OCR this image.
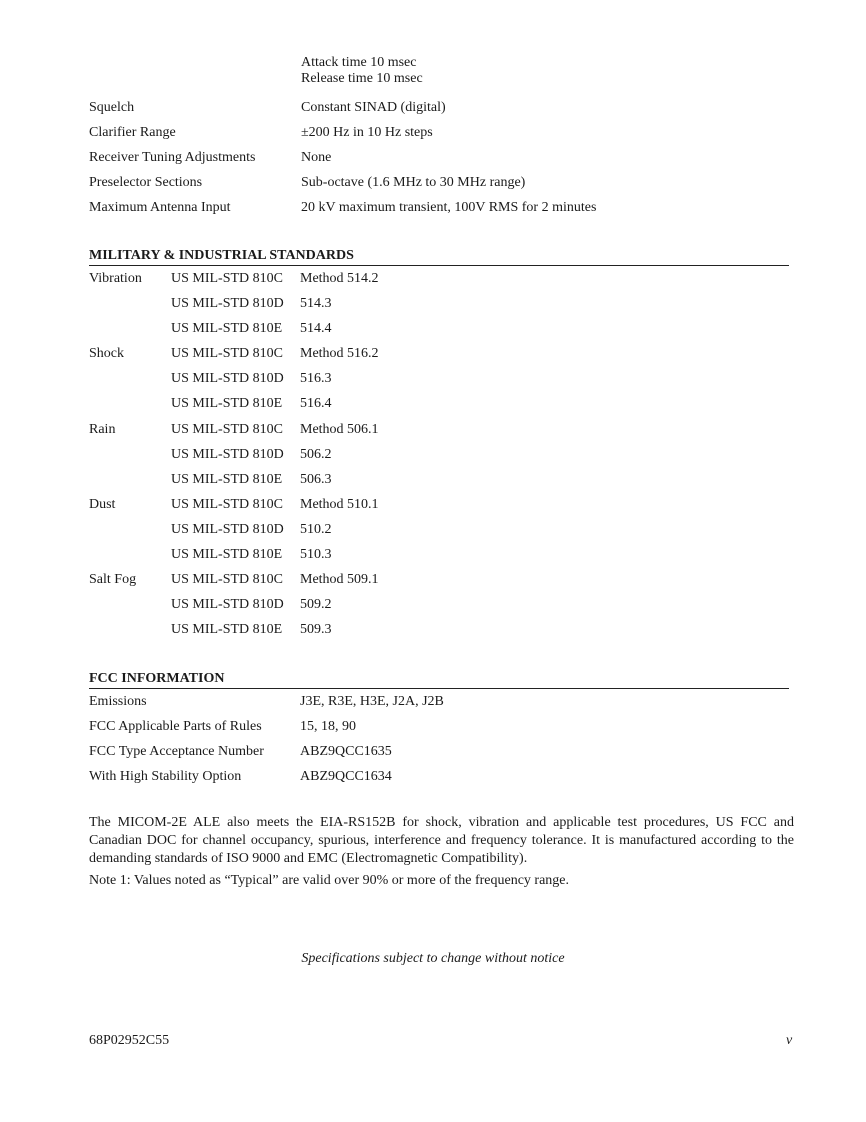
Attack time 10 msec
Release time 10 msec
Squelch	Constant SINAD (digital)
Clarifier Range	±200 Hz in 10 Hz steps
Receiver Tuning Adjustments	None
Preselector Sections	Sub-octave (1.6 MHz to 30 MHz range)
Maximum Antenna Input	20 kV maximum transient, 100V RMS for 2 minutes
MILITARY & INDUSTRIAL STANDARDS
Vibration US MIL-STD 810C Method 514.2
US MIL-STD 810D 514.3
US MIL-STD 810E 514.4
Shock	US MIL-STD 810C Method 516.2
US MIL-STD 810D 516.3
US MIL-STD 810E 516.4
Rain	US MIL-STD 810C Method 506.1
US MIL-STD 810D 506.2
US MIL-STD 810E 506.3
Dust	US MIL-STD 810C Method 510.1
US MIL-STD 810D 510.2
US MIL-STD 810E 510.3
Salt Fog US MIL-STD 810C Method 509.1
US MIL-STD 810D 509.2
US MIL-STD 810E 509.3
FCC INFORMATION
Emissions	J3E, R3E, H3E, J2A, J2B
FCC Applicable Parts of Rules	15, 18, 90
FCC Type Acceptance Number	ABZ9QCC1635
With High Stability Option	ABZ9QCC1634
The MICOM-2E ALE also meets the EIA-RS152B for shock, vibration and applicable test procedures, US FCC and Canadian DOC for channel occupancy, spurious, interference and frequency tolerance. It is manufactured according to the demanding standards of ISO 9000 and EMC (Electromagnetic Compatibility).
Note 1: Values noted as “Typical” are valid over 90% or more of the frequency range.
Specifications subject to change without notice
68P02952C55	v
